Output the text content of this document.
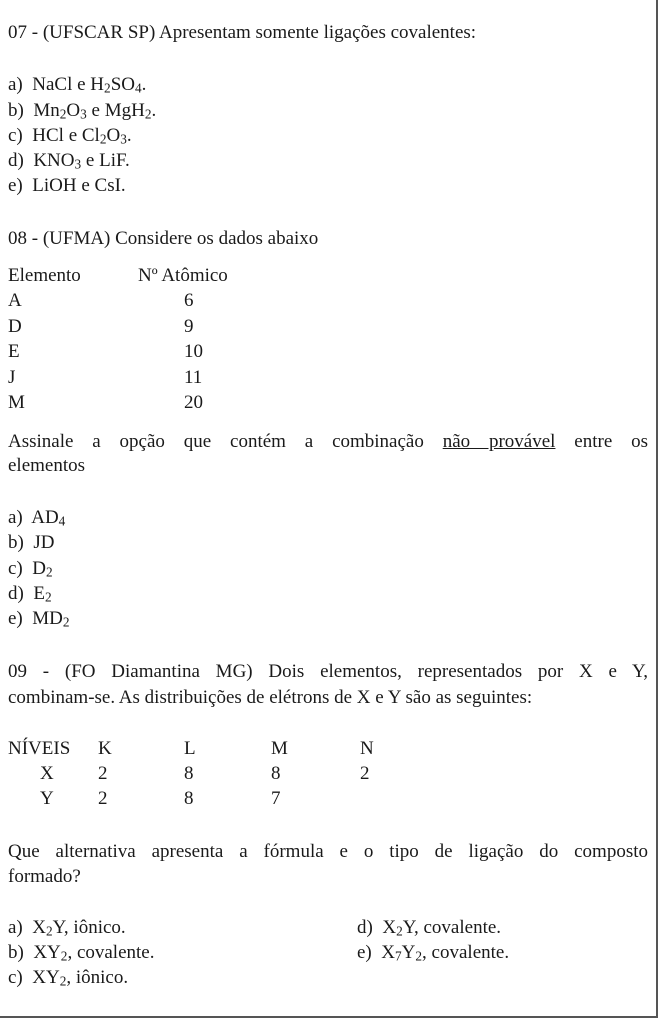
07 - (UFSCAR SP) Apresentam somente ligações covalentes:
a) NaCl e $H_2SO_4$.
b) $Mn_2O_3$ e MgH$_2$.
c) HCl e $Cl_2O_3$.
d) $KNO_3$ e LiF.
e) LiOH e CsI.
08 - (UFMA) Considere os dados abaixo
Elemento	Nº Atômico
A	6
D	9
E	10
J	11
M	20
Assinale a opção que contém a combinação não provável entre os
elementos
a) $AD_4$
b) JD
c) $D_2$
d) $E_2$
e) $MD_2$
09 - (FO Diamantina MG) Dois elementos, representados por X e Y,
combinam-se. As distribuições de elétrons de X e Y são as seguintes:
NÍVEIS K	L	M	N
X 2	8	8	2
Y 2	8	7
Que alternativa apresenta a fórmula e o tipo de ligação do composto
formado?
a) $X_2Y$, iônico.
b) $XY_2$, covalente.
c) $XY_2$, iônico.
d) $X_2Y$, covalente.
e) $X_7Y_2$, covalente.
